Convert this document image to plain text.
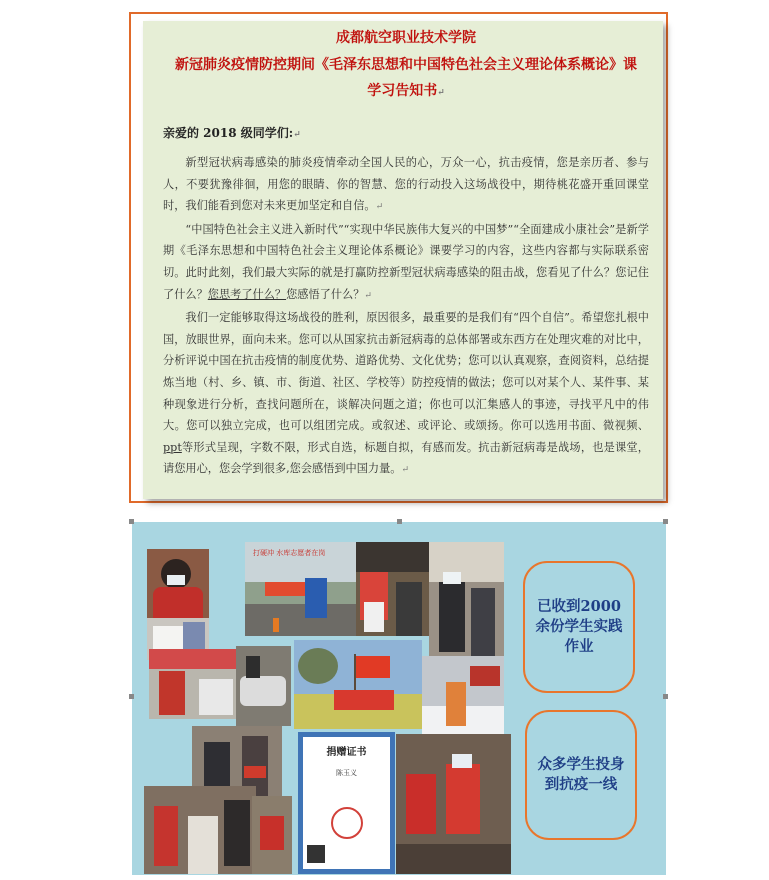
成都航空职业技术学院
新冠肺炎疫情防控期间《毛泽东思想和中国特色社会主义理论体系概论》课
学习告知书↵
亲爱的 2018 级同学们:↵

新型冠状病毒感染的肺炎疫情牵动全国人民的心，万众一心，抗击疫情，您是亲历者、参与人，不要犹豫徘徊，用您的眼睛、你的智慧、您的行动投入这场战役中，期待桃花盛开重回课堂时，我们能看到您对未来更加坚定和自信。↵

“中国特色社会主义进入新时代”“实现中华民族伟大复兴的中国梦”“全面建成小康社会”是新学期《毛泽东思想和中国特色社会主义理论体系概论》课要学习的内容，这些内容都与实际联系密切。此时此刻，我们最大实际的就是打赢防控新型冠状病毒感染的阻击战，您看见了什么？您记住了什么？您思考了什么？您感悟了什么？↵

我们一定能够取得这场战役的胜利，原因很多，最重要的是我们有“四个自信”。希望您扎根中国，放眼世界，面向未来。您可以从国家抗击新冠病毒的总体部署或东西方在处理灾难的对比中，分析评说中国在抗击疫情的制度优势、道路优势、文化优势；您可以认真观察，查阅资料，总结提炼当地（村、乡、镇、市、街道、社区、学校等）防控疫情的做法；您可以对某个人、某件事、某种现象进行分析，查找问题所在，谈解决问题之道；你也可以汇集感人的事迹，寻找平凡中的伟大。您可以独立完成，也可以组团完成。或叙述、或评论、或颂扬。你可以选用书面、微视频、ppt等形式呈现，字数不限，形式自选，标题自拟，有感而发。抗击新冠病毒是战场，也是课堂，请您用心，您会学到很多,您会感悟到中国力量。↵

打硬冲 水库志愿者在岗
捐赠证书
陈玉义
已收到2000余份学生实践作业
众多学生投身到抗疫一线
